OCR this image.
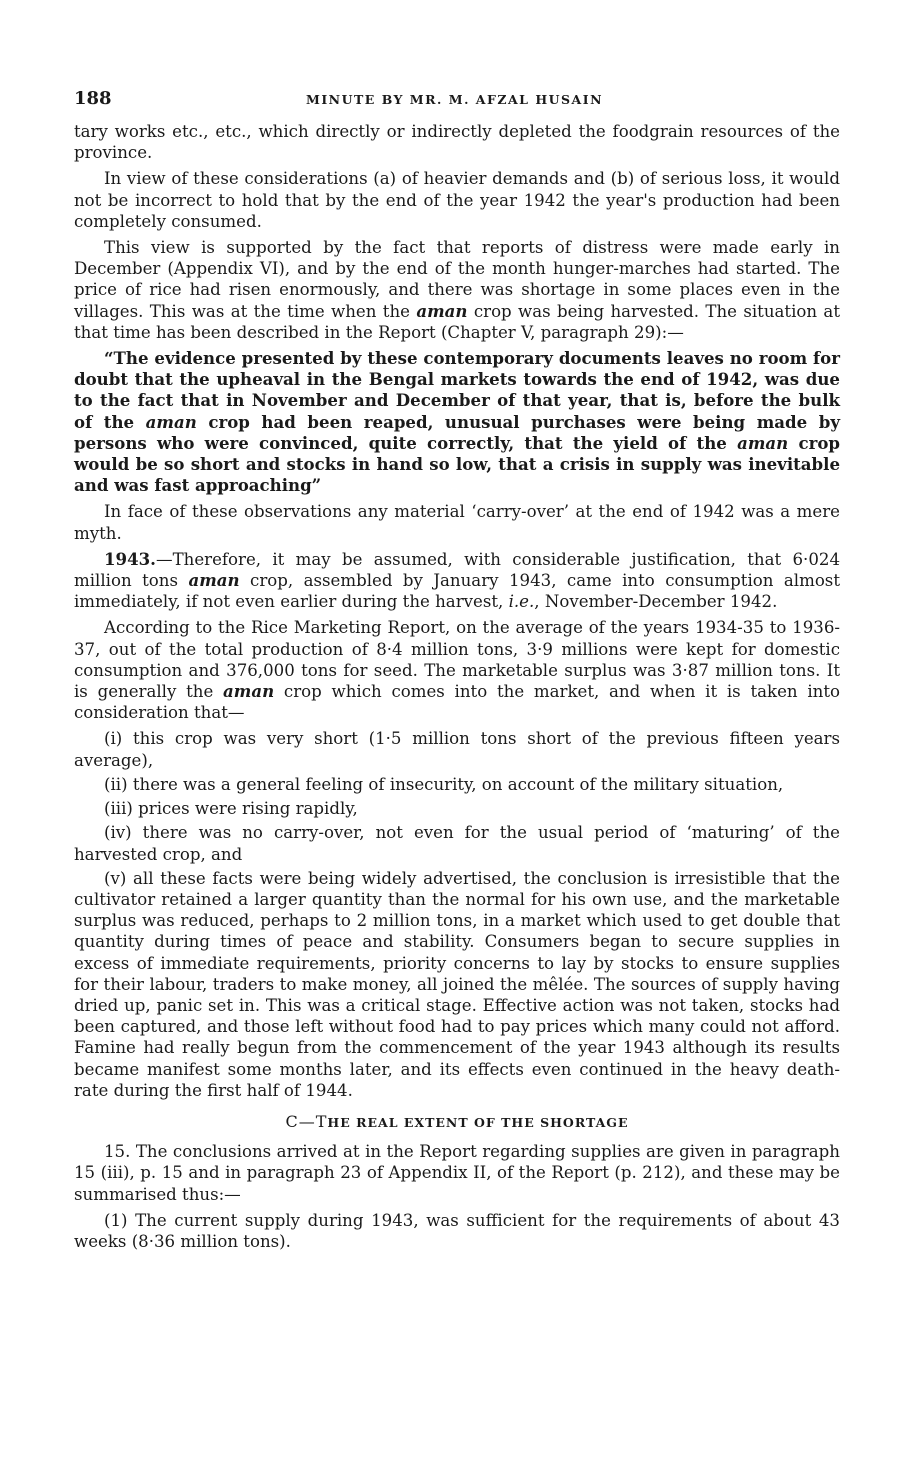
188	MINUTE BY MR. M. AFZAL HUSAIN

tary works etc., etc., which directly or indirectly depleted the foodgrain resources of the province.

In view of these considerations (a) of heavier demands and (b) of serious loss, it would not be incorrect to hold that by the end of the year 1942 the year's production had been completely consumed.

This view is supported by the fact that reports of distress were made early in December (Appendix VI), and by the end of the month hunger-marches had started. The price of rice had risen enormously, and there was shortage in some places even in the villages. This was at the time when the aman crop was being harvested. The situation at that time has been described in the Report (Chapter V, paragraph 29):—

“The evidence presented by these contemporary documents leaves no room for doubt that the upheaval in the Bengal markets towards the end of 1942, was due to the fact that in November and December of that year, that is, before the bulk of the aman crop had been reaped, unusual purchases were being made by persons who were convinced, quite correctly, that the yield of the aman crop would be so short and stocks in hand so low, that a crisis in supply was inevitable and was fast approaching”

In face of these observations any material ‘carry-over’ at the end of 1942 was a mere myth.

1943.—Therefore, it may be assumed, with considerable justification, that 6·024 million tons aman crop, assembled by January 1943, came into consumption almost immediately, if not even earlier during the harvest, i.e., November-December 1942.

According to the Rice Marketing Report, on the average of the years 1934-35 to 1936-37, out of the total production of 8·4 million tons, 3·9 millions were kept for domestic consumption and 376,000 tons for seed. The marketable surplus was 3·87 million tons. It is generally the aman crop which comes into the market, and when it is taken into consideration that—

(i) this crop was very short (1·5 million tons short of the previous fifteen years average),

(ii) there was a general feeling of insecurity, on account of the military situation,

(iii) prices were rising rapidly,

(iv) there was no carry-over, not even for the usual period of ‘maturing’ of the harvested crop, and

(v) all these facts were being widely advertised, the conclusion is irresistible that the cultivator retained a larger quantity than the normal for his own use, and the marketable surplus was reduced, perhaps to 2 million tons, in a market which used to get double that quantity during times of peace and stability. Consumers began to secure supplies in excess of immediate requirements, priority concerns to lay by stocks to ensure supplies for their labour, traders to make money, all joined the mêlée. The sources of supply having dried up, panic set in. This was a critical stage. Effective action was not taken, stocks had been captured, and those left without food had to pay prices which many could not afford. Famine had really begun from the commencement of the year 1943 although its results became manifest some months later, and its effects even continued in the heavy death-rate during the first half of 1944.

C—THE REAL EXTENT OF THE SHORTAGE

15. The conclusions arrived at in the Report regarding supplies are given in paragraph 15 (iii), p. 15 and in paragraph 23 of Appendix II, of the Report (p. 212), and these may be summarised thus:—

(1) The current supply during 1943, was sufficient for the requirements of about 43 weeks (8·36 million tons).
